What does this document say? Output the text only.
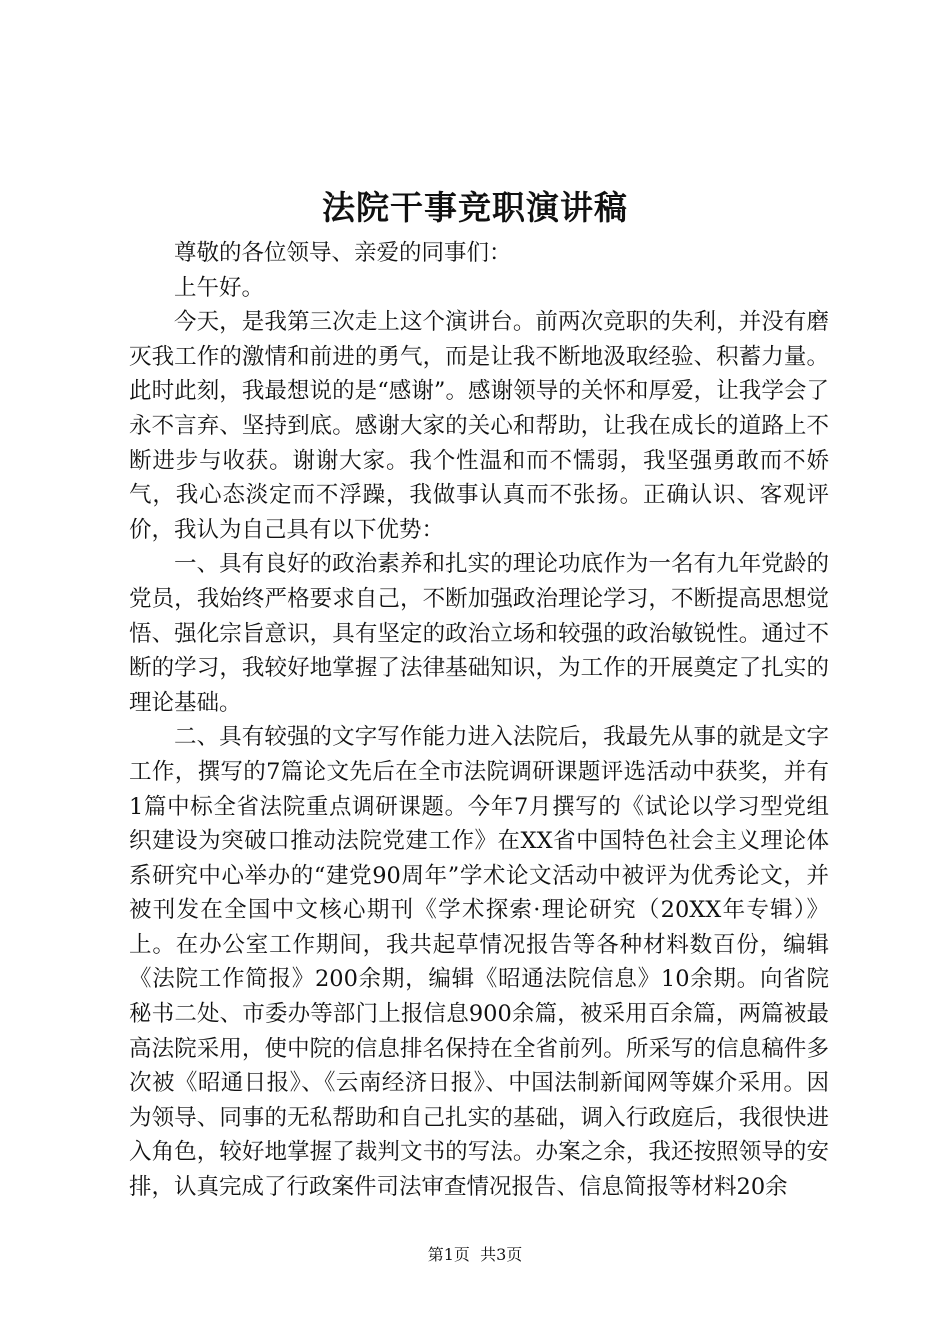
法院干事竞职演讲稿

尊敬的各位领导、亲爱的同事们：

上午好。

今天，是我第三次走上这个演讲台。前两次竞职的失利，并没有磨灭我工作的激情和前进的勇气，而是让我不断地汲取经验、积蓄力量。此时此刻，我最想说的是“感谢”。感谢领导的关怀和厚爱，让我学会了永不言弃、坚持到底。感谢大家的关心和帮助，让我在成长的道路上不断进步与收获。谢谢大家。我个性温和而不懦弱，我坚强勇敢而不娇气，我心态淡定而不浮躁，我做事认真而不张扬。正确认识、客观评价，我认为自己具有以下优势：

一、具有良好的政治素养和扎实的理论功底作为一名有九年党龄的党员，我始终严格要求自己，不断加强政治理论学习，不断提高思想觉悟、强化宗旨意识，具有坚定的政治立场和较强的政治敏锐性。通过不断的学习，我较好地掌握了法律基础知识，为工作的开展奠定了扎实的理论基础。

二、具有较强的文字写作能力进入法院后，我最先从事的就是文字工作，撰写的7篇论文先后在全市法院调研课题评选活动中获奖，并有1篇中标全省法院重点调研课题。今年7月撰写的《试论以学习型党组织建设为突破口推动法院党建工作》在XX省中国特色社会主义理论体系研究中心举办的“建党90周年”学术论文活动中被评为优秀论文，并被刊发在全国中文核心期刊《学术探索·理论研究（20XX年专辑）》上。在办公室工作期间，我共起草情况报告等各种材料数百份，编辑《法院工作简报》200余期，编辑《昭通法院信息》10余期。向省院秘书二处、市委办等部门上报信息900余篇，被采用百余篇，两篇被最高法院采用，使中院的信息排名保持在全省前列。所采写的信息稿件多次被《昭通日报》、《云南经济日报》、中国法制新闻网等媒介采用。因为领导、同事的无私帮助和自己扎实的基础，调入行政庭后，我很快进入角色，较好地掌握了裁判文书的写法。办案之余，我还按照领导的安排，认真完成了行政案件司法审查情况报告、信息简报等材料20余

第1页 共3页
